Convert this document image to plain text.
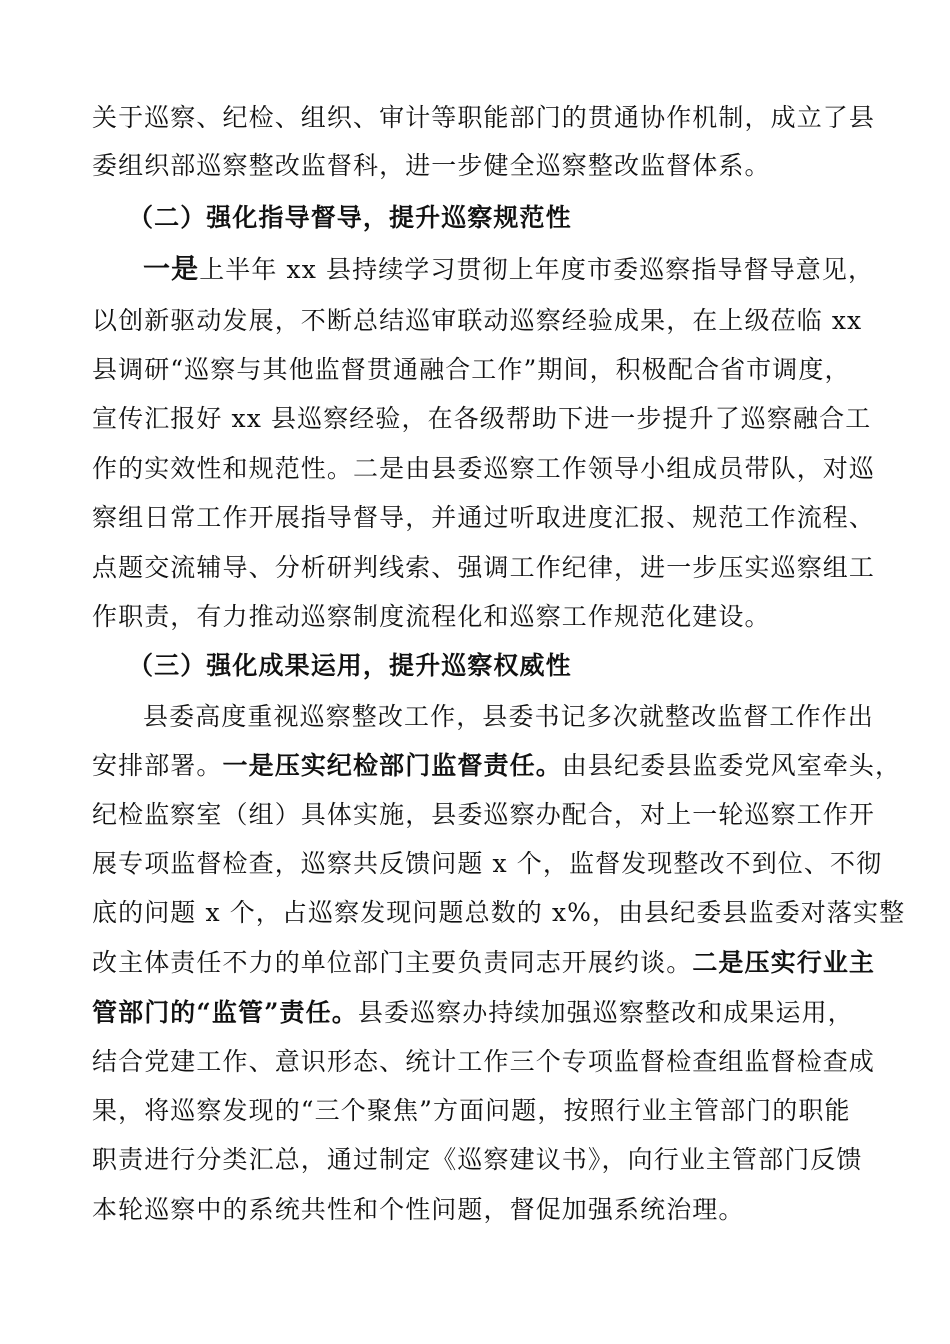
关于巡察、纪检、组织、审计等职能部门的贯通协作机制，成立了县
委组织部巡察整改监督科，进一步健全巡察整改监督体系。
（二）强化指导督导，提升巡察规范性
一是上半年 xx 县持续学习贯彻上年度市委巡察指导督导意见，
以创新驱动发展，不断总结巡审联动巡察经验成果，在上级莅临 xx
县调研“巡察与其他监督贯通融合工作”期间，积极配合省市调度，
宣传汇报好 xx 县巡察经验，在各级帮助下进一步提升了巡察融合工
作的实效性和规范性。二是由县委巡察工作领导小组成员带队，对巡
察组日常工作开展指导督导，并通过听取进度汇报、规范工作流程、
点题交流辅导、分析研判线索、强调工作纪律，进一步压实巡察组工
作职责，有力推动巡察制度流程化和巡察工作规范化建设。
（三）强化成果运用，提升巡察权威性
县委高度重视巡察整改工作，县委书记多次就整改监督工作作出
安排部署。一是压实纪检部门监督责任。由县纪委县监委党风室牵头，
纪检监察室（组）具体实施，县委巡察办配合，对上一轮巡察工作开
展专项监督检查，巡察共反馈问题 x 个，监督发现整改不到位、不彻
底的问题 x 个，占巡察发现问题总数的 x%，由县纪委县监委对落实整
改主体责任不力的单位部门主要负责同志开展约谈。二是压实行业主
管部门的“监管”责任。县委巡察办持续加强巡察整改和成果运用，
结合党建工作、意识形态、统计工作三个专项监督检查组监督检查成
果，将巡察发现的“三个聚焦”方面问题，按照行业主管部门的职能
职责进行分类汇总，通过制定《巡察建议书》，向行业主管部门反馈
本轮巡察中的系统共性和个性问题，督促加强系统治理。
